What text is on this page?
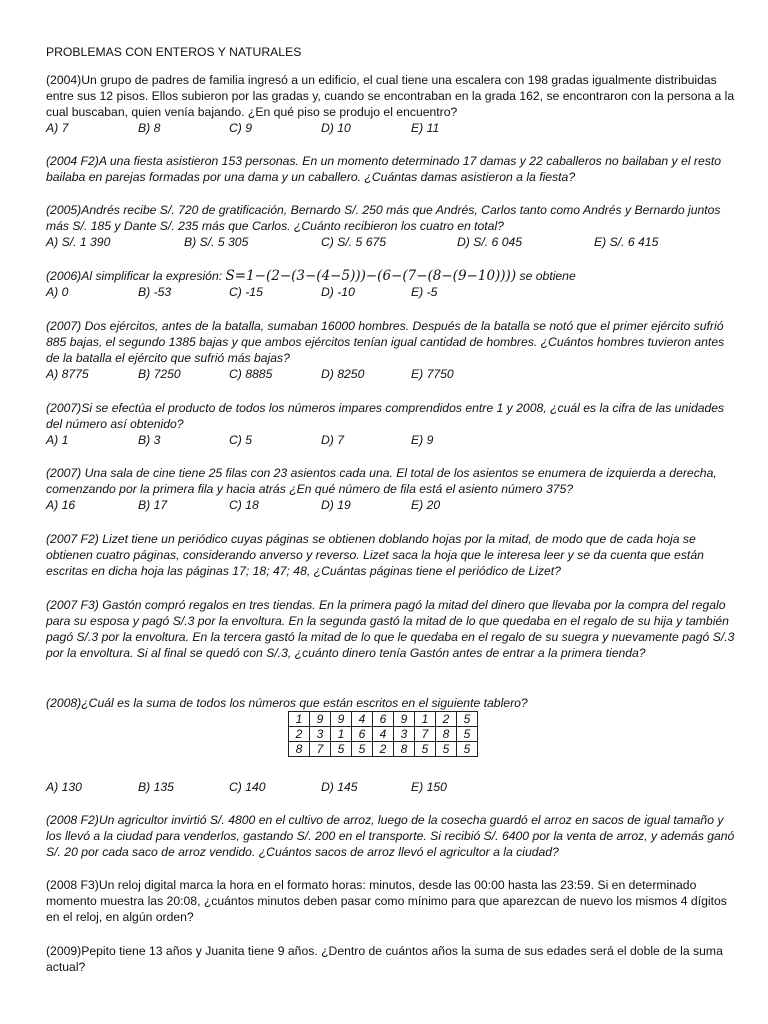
PROBLEMAS CON ENTEROS Y NATURALES
(2004)Un grupo de padres de familia ingresó a un edificio, el cual tiene una escalera con 198 gradas igualmente distribuidas entre sus 12 pisos. Ellos subieron por las gradas y, cuando se encontraban en la grada 162, se encontraron con la persona a la cual buscaban, quien venía bajando. ¿En qué piso se produjo el encuentro?
A) 7	B) 8	C) 9	D) 10	E) 11
(2004 F2)A una fiesta asistieron 153 personas. En un momento determinado 17 damas y 22 caballeros no bailaban y el resto bailaba en parejas formadas por una dama y un caballero. ¿Cuántas damas asistieron a la fiesta?
(2005)Andrés recibe S/. 720 de gratificación, Bernardo S/. 250 más que Andrés, Carlos tanto como Andrés y Bernardo juntos más S/. 185 y Dante S/. 235 más que Carlos. ¿Cuánto recibieron los cuatro en total?
A) S/. 1 390	B) S/. 5 305	C) S/. 5 675	D) S/. 6 045	E) S/. 6 415
(2006)Al simplificar la expresión: S=1−(2−(3−(4−5)))−(6−(7−(8−(9−10)))) se obtiene
A) 0	B) -53	C) -15	D) -10	E) -5
(2007) Dos ejércitos, antes de la batalla, sumaban 16000 hombres. Después de la batalla se notó que el primer ejército sufrió 885 bajas, el segundo 1385 bajas y que ambos ejércitos tenían igual cantidad de hombres. ¿Cuántos hombres tuvieron antes de la batalla el ejército que sufrió más bajas?
A) 8775	B) 7250	C) 8885	D) 8250	E) 7750
(2007)Si se efectúa el producto de todos los números impares comprendidos entre 1 y 2008, ¿cuál es la cifra de las unidades del número así obtenido?
A) 1	B) 3	C) 5	D) 7	E) 9
(2007) Una sala de cine tiene 25 filas con 23 asientos cada una. El total de los asientos se enumera de izquierda a derecha, comenzando por la primera fila y hacia atrás ¿En qué número de fila está el asiento número 375?
A) 16	B) 17	C) 18	D) 19	E) 20
(2007 F2) Lizet tiene un periódico cuyas páginas se obtienen doblando hojas por la mitad, de modo que de cada hoja se obtienen cuatro páginas, considerando anverso y reverso. Lizet saca la hoja que le interesa leer y se da cuenta que están escritas en dicha hoja las páginas 17; 18; 47; 48, ¿Cuántas páginas tiene el periódico de Lizet?
(2007 F3) Gastón compró regalos en tres tiendas. En la primera pagó la mitad del dinero que llevaba por la compra del regalo para su esposa y pagó S/.3 por la envoltura. En la segunda gastó la mitad de lo que quedaba en el regalo de su hija y también pagó S/.3 por la envoltura. En la tercera gastó la mitad de lo que le quedaba en el regalo de su suegra y nuevamente pagó S/.3 por la envoltura. Si al final se quedó con S/.3, ¿cuánto dinero tenía Gastón antes de entrar a la primera tienda?
(2008)¿Cuál es la suma de todos los números que están escritos en el siguiente tablero?
1	9	9	4	6	9	1	2	5
2	3	1	6	4	3	7	8	5
8	7	5	5	2	8	5	5	5
A) 130	B) 135	C) 140	D) 145	E) 150
(2008 F2)Un agricultor invirtió S/. 4800 en el cultivo de arroz, luego de la cosecha guardó el arroz en sacos de igual tamaño y los llevó a la ciudad para venderlos, gastando S/. 200 en el transporte. Si recibió S/. 6400 por la venta de arroz, y además ganó S/. 20 por cada saco de arroz vendido. ¿Cuántos sacos de arroz llevó el agricultor a la ciudad?
(2008 F3)Un reloj digital marca la hora en el formato horas: minutos, desde las 00:00 hasta las 23:59. Si en determinado momento muestra las 20:08, ¿cuántos minutos deben pasar como mínimo para que aparezcan de nuevo los mismos 4 dígitos en el reloj, en algún orden?
(2009)Pepito tiene 13 años y Juanita tiene 9 años. ¿Dentro de cuántos años la suma de sus edades será el doble de la suma actual?
